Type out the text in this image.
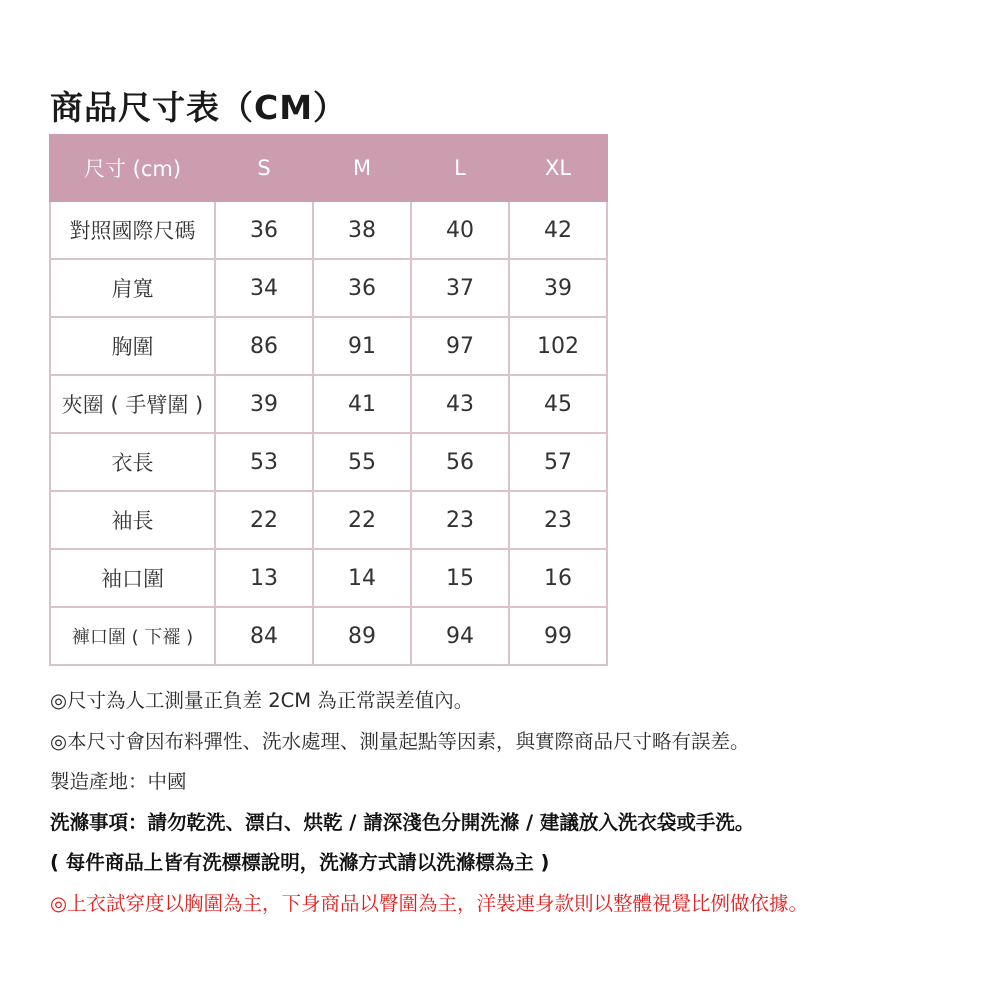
商品尺寸表（CM）
尺寸 (cm)	S	M	L	XL
對照國際尺碼	36	38	40	42
肩寬	34	36	37	39
胸圍	86	91	97	102
夾圈 ( 手臂圍 )	39	41	43	45
衣長	53	55	56	57
袖長	22	22	23	23
袖口圍	13	14	15	16
褲口圍 ( 下襬 )	84	89	94	99
◎尺寸為人工測量正負差 2CM 為正常誤差值內。
◎本尺寸會因布料彈性、洗水處理、測量起點等因素，與實際商品尺寸略有誤差。
製造產地：中國
洗滌事項：請勿乾洗、漂白、烘乾 / 請深淺色分開洗滌 / 建議放入洗衣袋或手洗。
( 每件商品上皆有洗標標說明，洗滌方式請以洗滌標為主 )
◎上衣試穿度以胸圍為主，下身商品以臀圍為主，洋裝連身款則以整體視覺比例做依據。
